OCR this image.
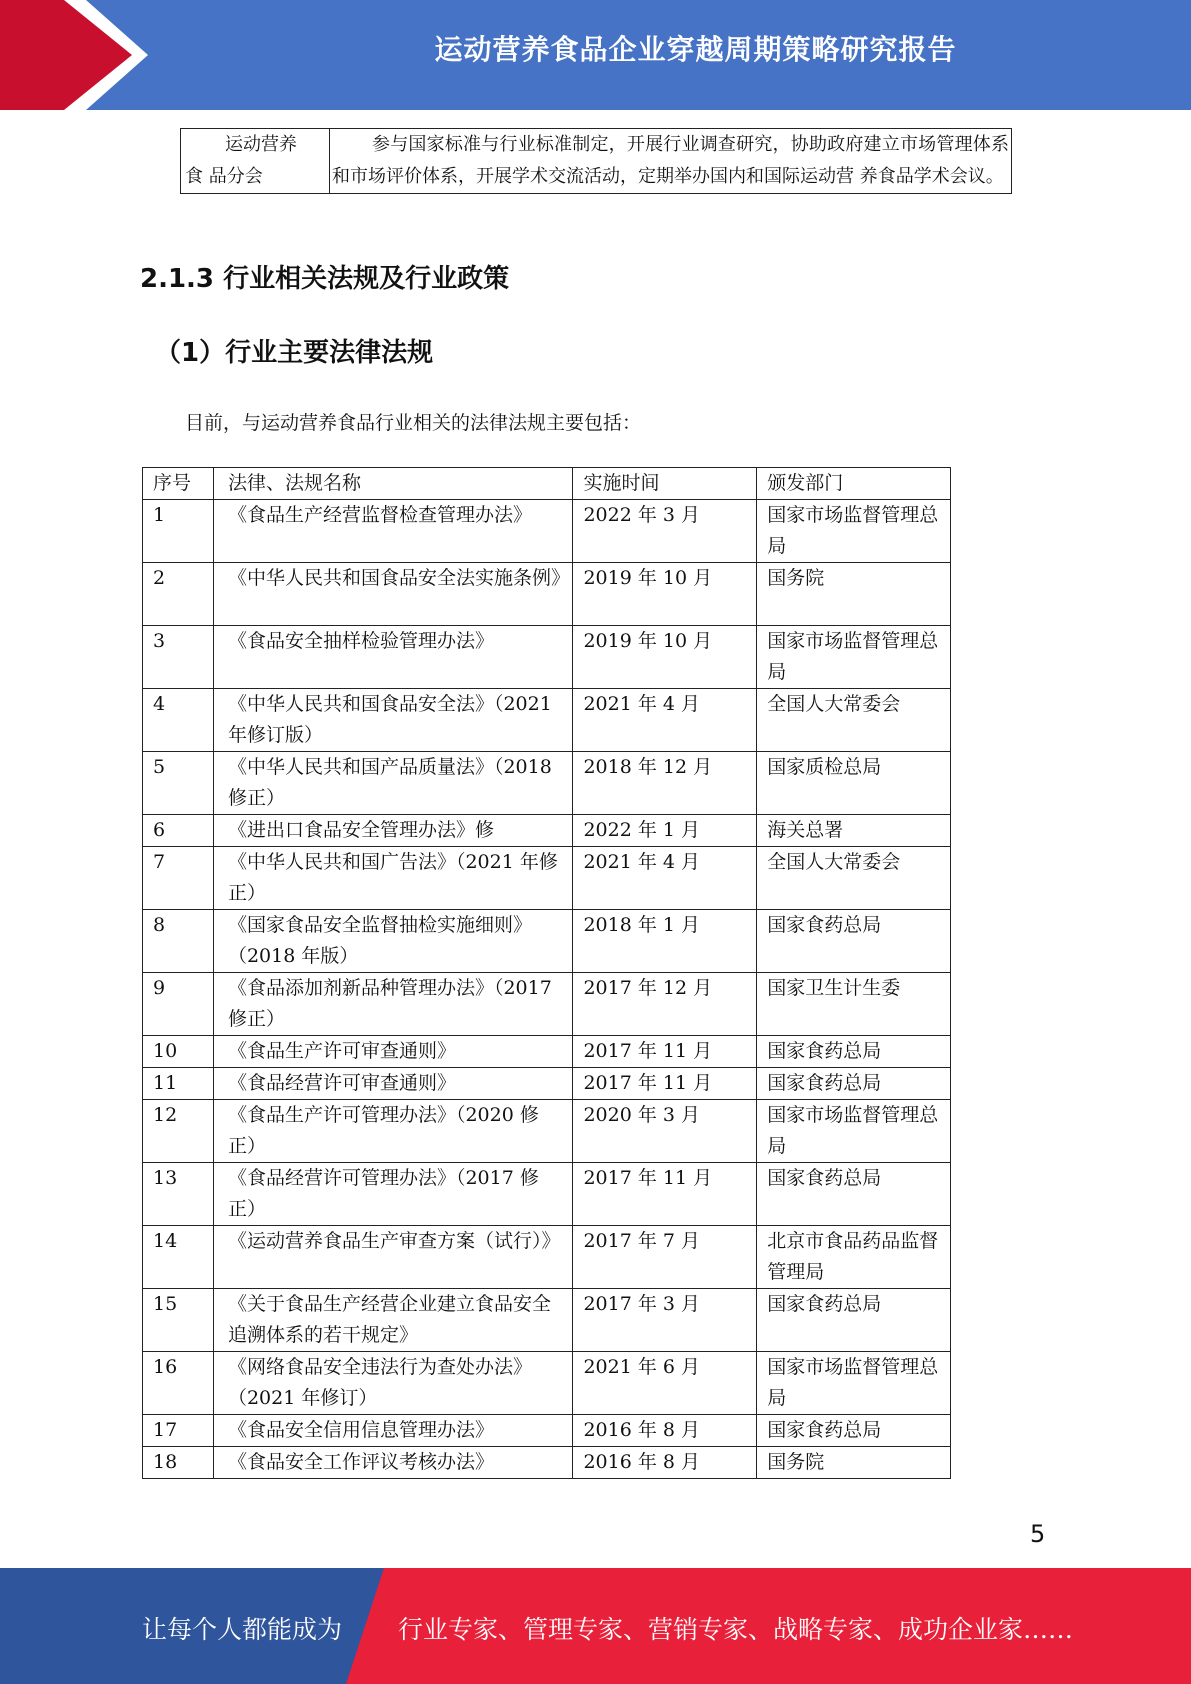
运动营养食品企业穿越周期策略研究报告
运动营养
食 品分会
	参与国家标准与行业标准制定，开展行业调查研究，协助政府建立市场管理体系和市场评价体系，开展学术交流活动，定期举办国内和国际运动营 养食品学术会议。
2.1.3 行业相关法规及行业政策
（1）行业主要法律法规
目前，与运动营养食品行业相关的法律法规主要包括：
序号	法律、法规名称	实施时间	颁发部门
1	《食品生产经营监督检查管理办法》	2022 年 3 月	国家市场监督管理总局
2	《中华人民共和国食品安全法实施条例》	2019 年 10 月	国务院
3	《食品安全抽样检验管理办法》	2019 年 10 月	国家市场监督管理总局
4	《中华人民共和国食品安全法》（2021 年修订版）	2021 年 4 月	全国人大常委会
5	《中华人民共和国产品质量法》（2018 修正）	2018 年 12 月	国家质检总局
6	《进出口食品安全管理办法》修	2022 年 1 月	海关总署
7	《中华人民共和国广告法》（2021 年修正）	2021 年 4 月	全国人大常委会
8	《国家食品安全监督抽检实施细则》 （2018 年版）	2018 年 1 月	国家食药总局
9	《食品添加剂新品种管理办法》（2017 修正）	2017 年 12 月	国家卫生计生委
10	《食品生产许可审查通则》	2017 年 11 月	国家食药总局
11	《食品经营许可审查通则》	2017 年 11 月	国家食药总局
12	《食品生产许可管理办法》（2020 修正）	2020 年 3 月	国家市场监督管理总局
13	《食品经营许可管理办法》（2017 修正）	2017 年 11 月	国家食药总局
14	《运动营养食品生产审查方案（试行）》	2017 年 7 月	北京市食品药品监督管理局
15	《关于食品生产经营企业建立食品安全追溯体系的若干规定》	2017 年 3 月	国家食药总局
16	《网络食品安全违法行为查处办法》 （2021 年修订）	2021 年 6 月	国家市场监督管理总局
17	《食品安全信用信息管理办法》	2016 年 8 月	国家食药总局
18	《食品安全工作评议考核办法》	2016 年 8 月	国务院
5
让每个人都能成为 行业专家、管理专家、营销专家、战略专家、成功企业家……
